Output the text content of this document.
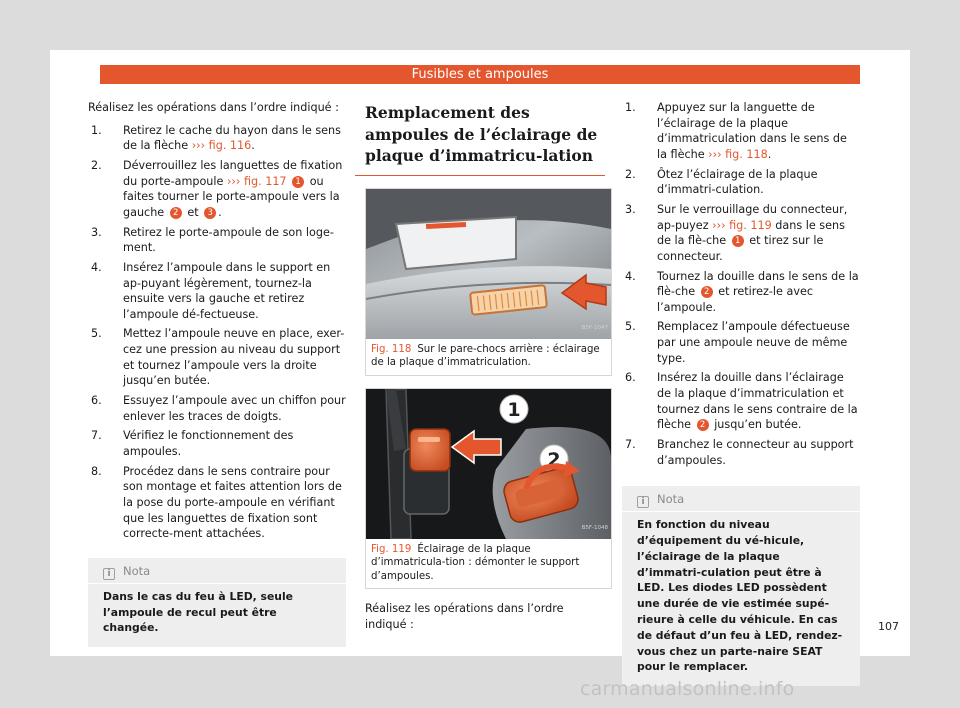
Fusibles et ampoules

Réalisez les opérations dans l’ordre indiqué :

1. Retirez le cache du hayon dans le sens de la flèche ››› fig. 116.
2. Déverrouillez les languettes de fixation du porte-ampoule ››› fig. 117 1 ou faites tourner le porte-ampoule vers la gauche 2 et 3 .
3. Retirez le porte-ampoule de son loge-ment.
4. Insérez l’ampoule dans le support en ap-puyant légèrement, tournez-la ensuite vers la gauche et retirez l’ampoule dé-fectueuse.
5. Mettez l’ampoule neuve en place, exer-cez une pression au niveau du support et tournez l’ampoule vers la droite jusqu’en butée.
6. Essuyez l’ampoule avec un chiffon pour enlever les traces de doigts.
7. Vérifiez le fonctionnement des ampoules.
8. Procédez dans le sens contraire pour son montage et faites attention lors de la pose du porte-ampoule en vérifiant que les languettes de fixation sont correcte-ment attachées.
i Nota
Dans le cas du feu à LED, seule l’ampoule de recul peut être changée.
Remplacement des ampoules de l’éclairage de plaque d’immatricu-lation
B5F-1047
Fig. 118 Sur le pare-chocs arrière : éclairage de la plaque d’immatriculation.
1
2
B5F-1048
Fig. 119 Éclairage de la plaque d’immatricula-tion : démonter le support d’ampoules.

Réalisez les opérations dans l’ordre indiqué :

1. Appuyez sur la languette de l’éclairage de la plaque d’immatriculation dans le sens de la flèche ››› fig. 118.
2. Ôtez l’éclairage de la plaque d’immatri-culation.
3. Sur le verrouillage du connecteur, ap-puyez ››› fig. 119 dans le sens de la flè-che 1 et tirez sur le connecteur.
4. Tournez la douille dans le sens de la flè-che 2 et retirez-le avec l’ampoule.
5. Remplacez l’ampoule défectueuse par une ampoule neuve de même type.
6. Insérez la douille dans l’éclairage de la plaque d’immatriculation et tournez dans le sens contraire de la flèche 2 jusqu’en butée.
7. Branchez le connecteur au support d’ampoules.
i Nota
En fonction du niveau d’équipement du vé-hicule, l’éclairage de la plaque d’immatri-culation peut être à LED. Les diodes LED possèdent une durée de vie estimée supé-rieure à celle du véhicule. En cas de défaut d’un feu à LED, rendez-vous chez un parte-naire SEAT pour le remplacer.
107
carmanualsonline.info
